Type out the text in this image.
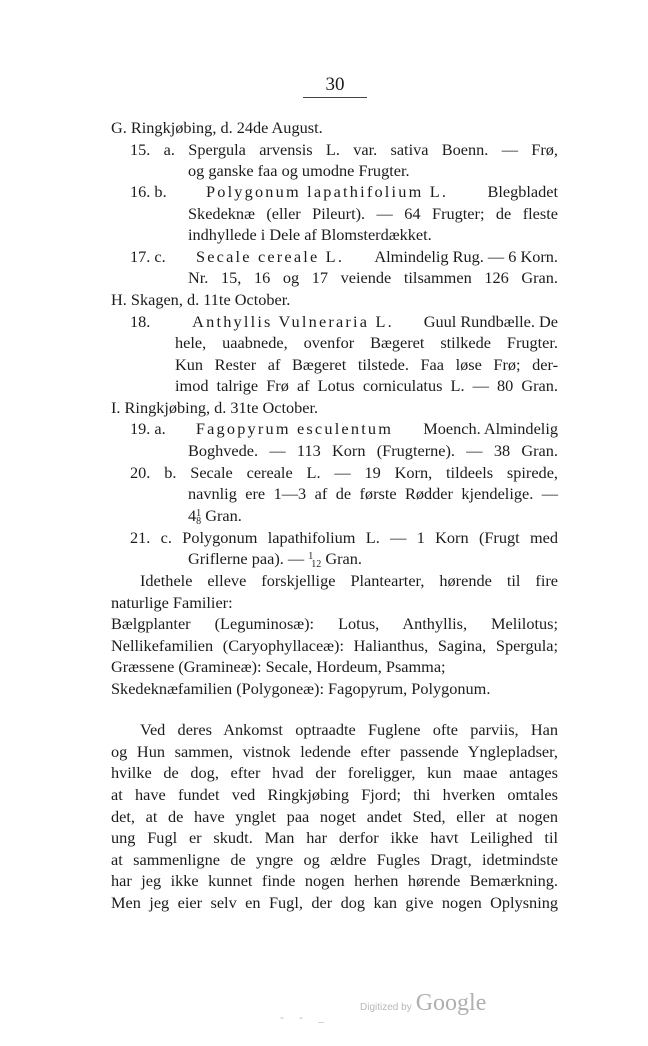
30
G. Ringkjøbing, d. 24de August.
15. a. Spergula arvensis L. var. sativa Boenn. — Frø,
og ganske faa og umodne Frugter.
16. b. Polygonum lapathifolium L. Blegbladet
Skedeknæ (eller Pileurt). — 64 Frugter; de fleste
indhyllede i Dele af Blomsterdækket.
17. c. Secale cereale L. Almindelig Rug. — 6 Korn.
Nr. 15, 16 og 17 veiende tilsammen 126 Gran.
H. Skagen, d. 11te October.
18.	Anthyllis Vulneraria L. Guul Rundbælle. De
hele, uaabnede, ovenfor Bægeret stilkede Frugter.
Kun Rester af Bægeret tilstede. Faa løse Frø; der-
imod talrige Frø af Lotus corniculatus L. — 80 Gran.
I. Ringkjøbing, d. 31te October.
19. a. Fagopyrum esculentum Moench. Almindelig
Boghvede. — 113 Korn (Frugterne). — 38 Gran.
20. b. Secale cereale L. — 19 Korn, tildeels spirede,
navnlig ere 1—3 af de første Rødder kjendelige. —
$4^18$ Gran.
21. c. Polygonum lapathifolium L. — 1 Korn (Frugt med
Griflerne paa). — $^1$12 Gran.
Idethele elleve forskjellige Plantearter, hørende til fire
naturlige Familier:
Bælgplanter (Leguminosæ): Lotus, Anthyllis, Melilotus;
Nellikefamilien (Caryophyllaceæ): Halianthus, Sagina, Spergula;
Græssene (Gramineæ): Secale, Hordeum, Psamma;
Skedeknæfamilien (Polygoneæ): Fagopyrum, Polygonum.
Ved deres Ankomst optraadte Fuglene ofte parviis, Han
og Hun sammen, vistnok ledende efter passende Ynglepladser,
hvilke de dog, efter hvad der foreligger, kun maae antages
at have fundet ved Ringkjøbing Fjord; thi hverken omtales
det, at de have ynglet paa noget andet Sted, eller at nogen
ung Fugl er skudt. Man har derfor ikke havt Leilighed til
at sammenligne de yngre og ældre Fugles Dragt, idetmindste
har jeg ikke kunnet finde nogen herhen hørende Bemærkning.
Men jeg eier selv en Fugl, der dog kan give nogen Oplysning
- - _
Digitized by Google
